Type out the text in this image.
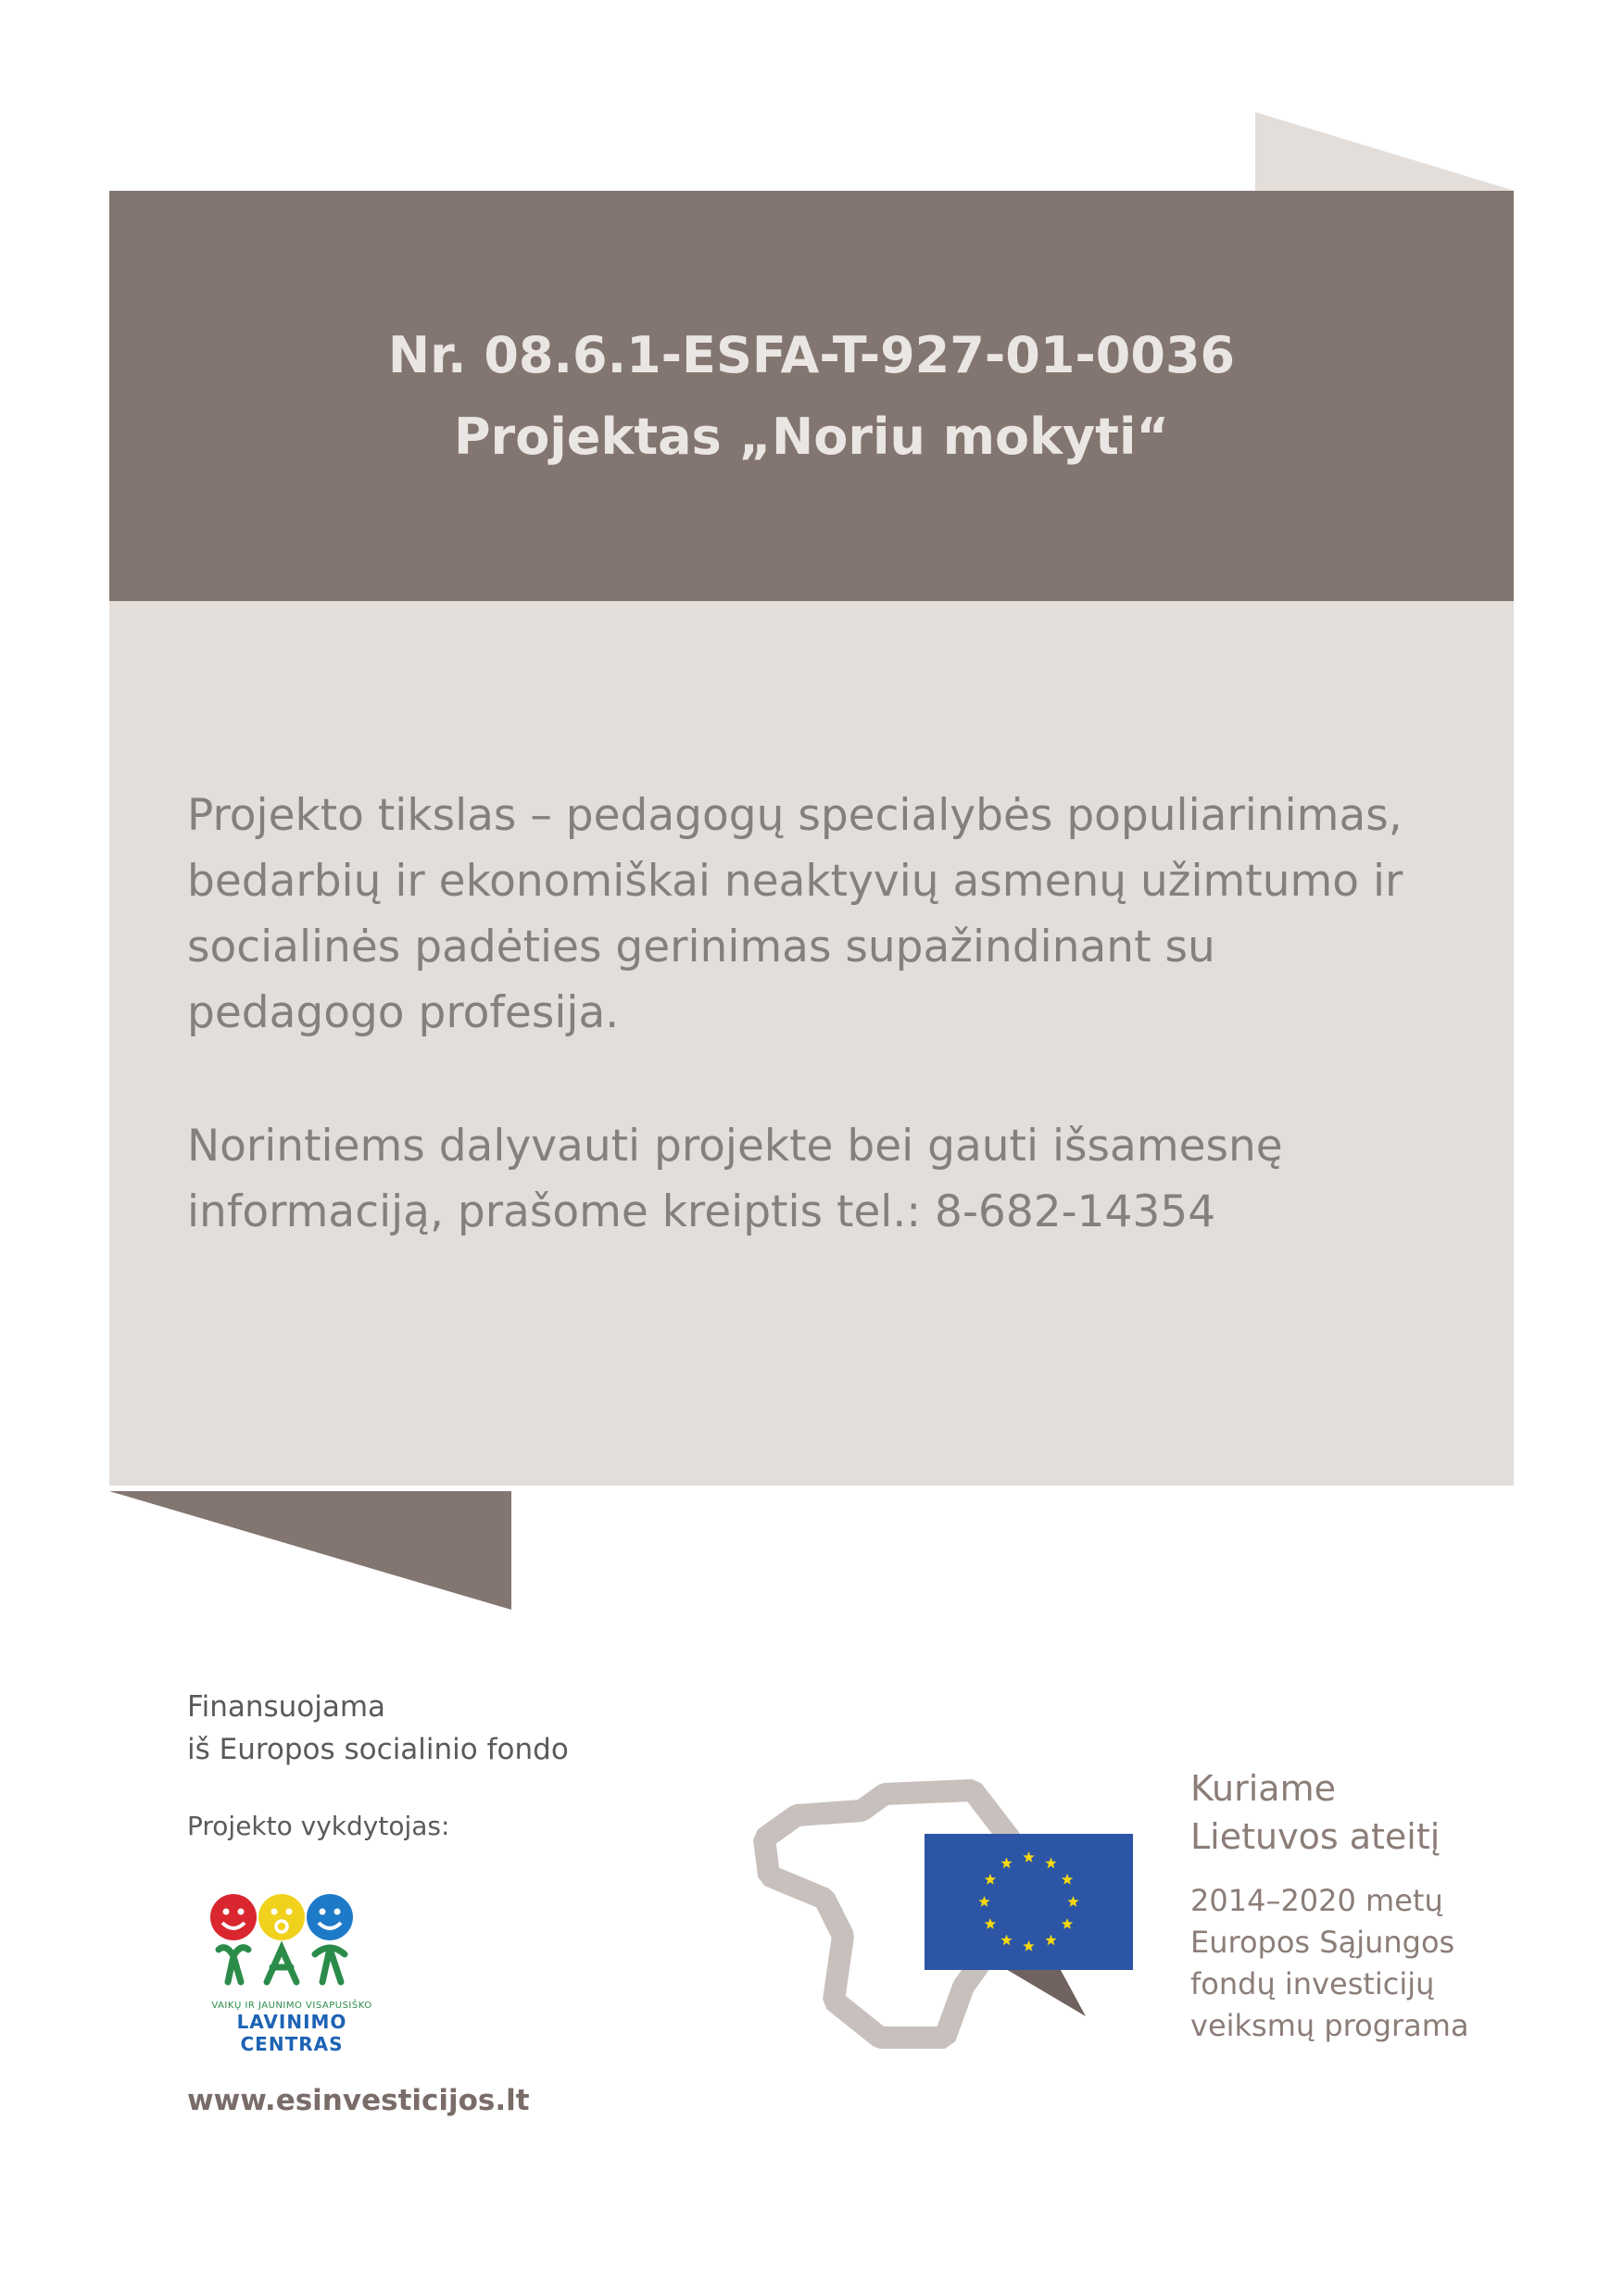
Nr. 08.6.1-ESFA-T-927-01-0036
Projektas „Noriu mokyti“
Projekto tikslas – pedagogų specialybės populiarinimas,
bedarbių ir ekonomiškai neaktyvių asmenų užimtumo ir
socialinės padėties gerinimas supažindinant su
pedagogo profesija.
Norintiems dalyvauti projekte bei gauti išsamesnę
informaciją, prašome kreiptis tel.: 8-682-14354
Finansuojama
iš Europos socialinio fondo
Projekto vykdytojas:
VAIKŲ IR JAUNIMO VISAPUSIŠKO
LAVINIMO CENTRAS
www.esinvesticijos.lt
Kuriame
Lietuvos ateitį
2014–2020 metų
Europos Sąjungos
fondų investicijų
veiksmų programa
